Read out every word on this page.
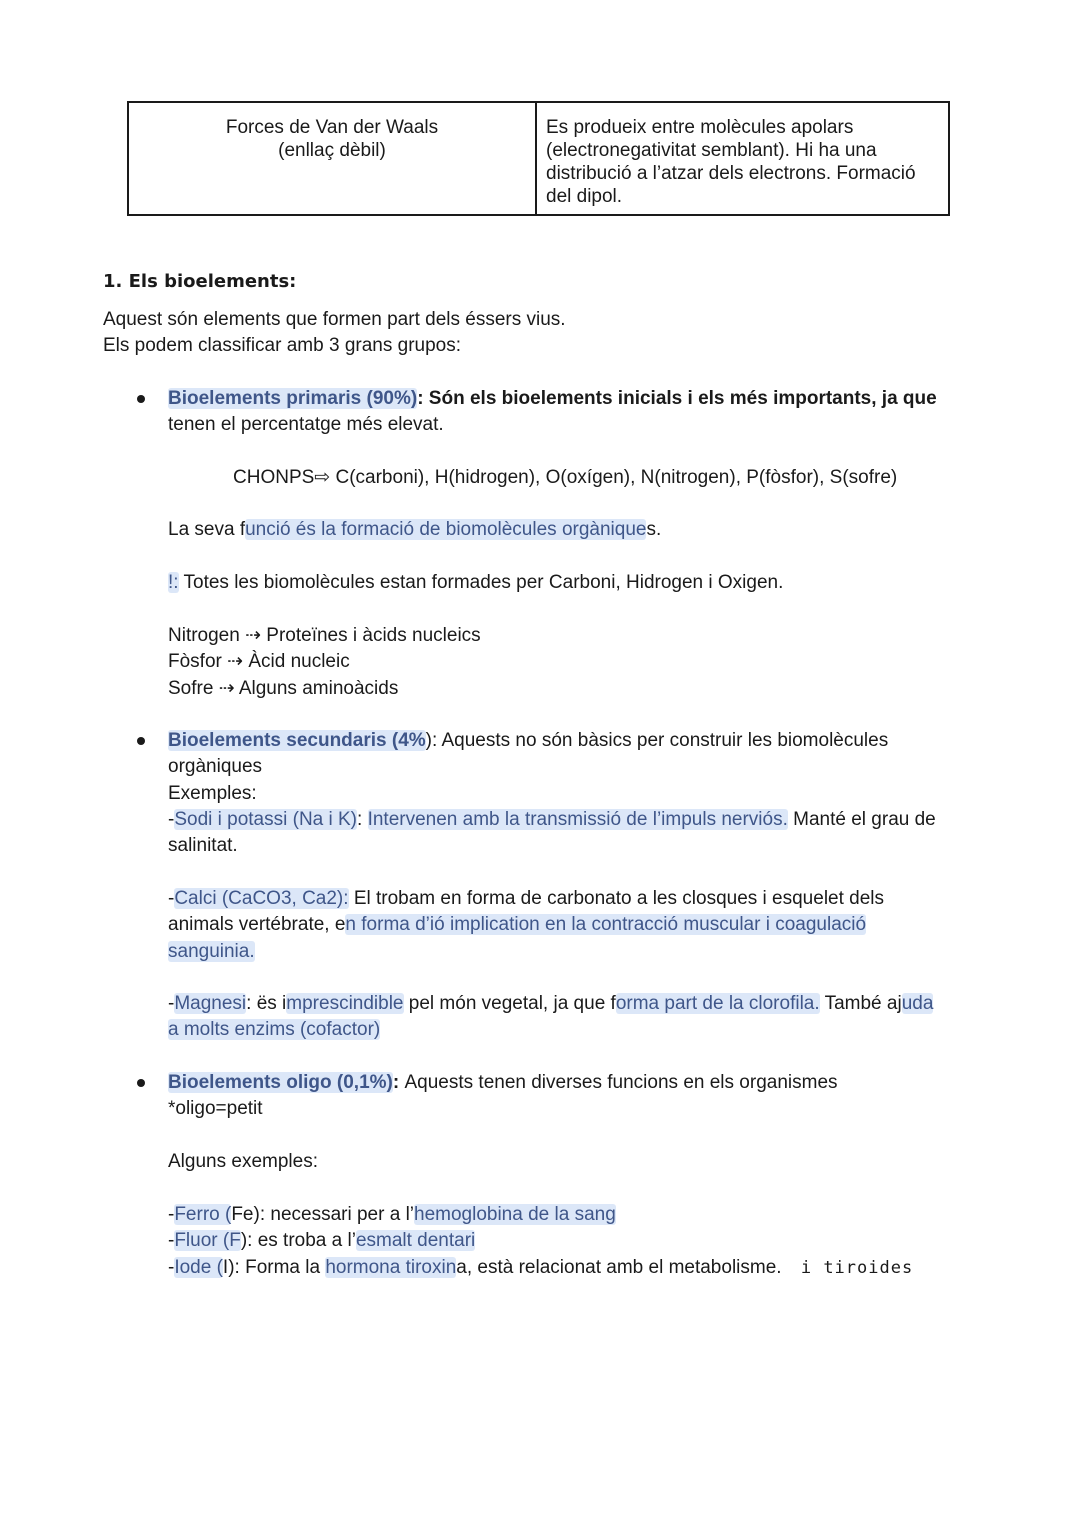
Forces de Van der Waals
(enllaç dèbil)
Es produeix entre molècules apolars
(electronegativitat semblant). Hi ha una
distribució a l’atzar dels electrons. Formació
del dipol.
1. Els bioelements:
Aquest són elements que formen part dels éssers vius.
Els podem classificar amb 3 grans grupos:
Bioelements primaris (90%): Són els bioelements inicials i els més importants, ja que
tenen el percentatge més elevat.
CHONPS⇨ C(carboni), H(hidrogen), O(oxígen), N(nitrogen), P(fòsfor), S(sofre)
La seva funció és la formació de biomolècules orgàniques.
!: Totes les biomolècules estan formades per Carboni, Hidrogen i Oxigen.
Nitrogen ⇢ Proteïnes i àcids nucleics
Fòsfor ⇢ Àcid nucleic
Sofre ⇢ Alguns aminoàcids
Bioelements secundaris (4%): Aquests no són bàsics per construir les biomolècules
orgàniques
Exemples:
-Sodi i potassi (Na i K): Intervenen amb la transmissió de l’impuls nerviós. Manté el grau de
salinitat.
-Calci (CaCO3, Ca2): El trobam en forma de carbonato a les closques i esquelet dels
animals vertébrate, en forma d’ió implication en la contracció muscular i coagulació
sanguinia.
-Magnesi: ës imprescindible pel món vegetal, ja que forma part de la clorofila. També ajuda
a molts enzims (cofactor)
Bioelements oligo (0,1%): Aquests tenen diverses funcions en els organismes
*oligo=petit
Alguns exemples:
-Ferro (Fe): necessari per a l’hemoglobina de la sang
-Fluor (F): es troba a l’esmalt dentari
-Iode (I): Forma la hormona tiroxina, està relacionat amb el metabolisme. i tiroides
